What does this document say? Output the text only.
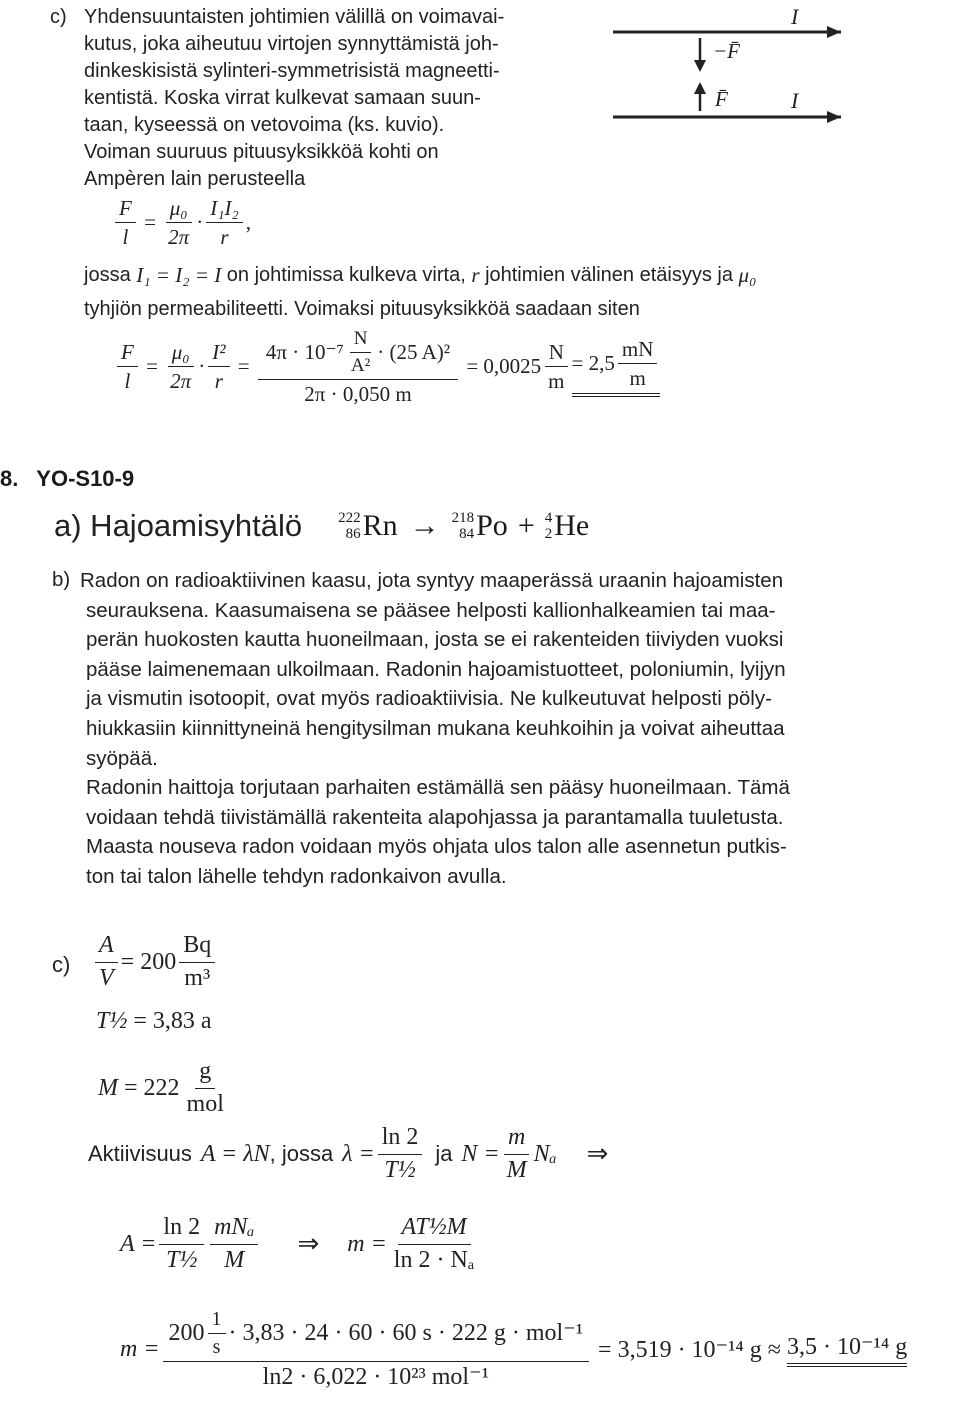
c) Yhdensuuntaisten johtimien välillä on voimavai-

kutus, joka aiheutuu virtojen synnyttämistä joh-

dinkeskisistä sylinteri-symmetrisistä magneetti-

kentistä. Koska virrat kulkevat samaan suun-

taan, kyseessä on vetovoima (ks. kuvio).

Voiman suuruus pituusyksikköä kohti on

Ampèren lain perusteella

I
I
−F̄
F̄
$\frac{F}{l} = \frac{\text{μ₀}}{2\pi} \cdot \frac{\text{I₁I₂}}{r}$ ,
jossa
I₁ = I₂ = I
on johtimissa kulkeva virta,
r
johtimien välinen etäisyys ja
μ₀

tyhjiön permeabiliteetti. Voimaksi pituusyksikköä saadaan siten

$\frac{F}{l} = \frac{\text{μ₀}}{2\pi} \cdot \frac{\text{I²}}{r} = \frac{4\pi \cdot 10^{-7} \frac{N}{\text{A²}} \cdot (25 A)^2}{2\pi \cdot 0,050 m}$
= $0,0025 \frac{N}{m} = 2,5 \frac{mN}{m}$
8.   YO-S10-9
a) Hajoamisyhtälö 222
86 Rn → 218
84 Po + 4
2 He
b) Radon on radioaktiivinen kaasu, jota syntyy maaperässä uraanin hajoamisten

seurauksena. Kaasumaisena se pääsee helposti kallionhalkeamien tai maa-

perän huokosten kautta huoneilmaan, josta se ei rakenteiden tiiviyden vuoksi

pääse laimenemaan ulkoilmaan. Radonin hajoamistuotteet, poloniumin, lyijyn

ja vismutin isotoopit, ovat myös radioaktiivisia. Ne kulkeutuvat helposti pöly-

hiukkasiin kiinnittyneinä hengitysilman mukana keuhkoihin ja voivat aiheuttaa

syöpää.

Radonin haittoja torjutaan parhaiten estämällä sen pääsy huoneilmaan. Tämä

voidaan tehdä tiivistämällä rakenteita alapohjassa ja parantamalla tuuletusta.

Maasta nouseva radon voidaan myös ohjata ulos talon alle asennetun putkis-

ton tai talon lähelle tehdyn radonkaivon avulla.

$c) \frac{A}{V} = 200 \frac{Bq}{\text{m³}}$
T½
= 3,83 a
M
= $222 \frac{g}{\text{mol}}$
Aktiivisuus
A = λN , jossa
$\lambda = \frac{\ln 2}{\text{T½}}$ ja
$N = \frac{m}{M}$ Nₐ ⇒
$A = \frac{\ln 2}{\text{T½}} \frac{\text{mNₐ}}{M}$ ⇒ $m = \frac{\text{AT½M}}{\text{ln 2 · Nₐ}}$
m =
$200 \frac{1}{s} \cdot 3,83 \cdot 24 \cdot 60 \cdot 60$ s · 222 g · mol⁻¹
ln2 · 6,022 · 10²³ mol⁻¹

= 3,519 · 10⁻¹⁴ g ≈
3,5 · 10⁻¹⁴ g
